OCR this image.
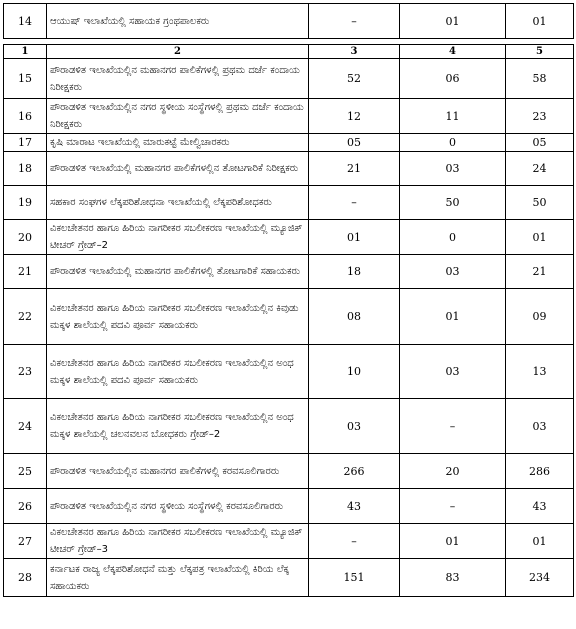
14	ಆಯುಷ್ ಇಲಾಖೆಯಲ್ಲಿ ಸಹಾಯಕ ಗ್ರಂಥಪಾಲಕರು	–	01	01
1	2	3	4	5
15	ಪೌರಾಡಳಿತ ಇಲಾಖೆಯಲ್ಲಿನ ಮಹಾನಗರ ಪಾಲಿಕೆಗಳಲ್ಲಿ ಪ್ರಥಮ ದರ್ಜೆ ಕಂದಾಯ ನಿರೀಕ್ಷಕರು	52	06	58
16	ಪೌರಾಡಳಿತ ಇಲಾಖೆಯಲ್ಲಿನ ನಗರ ಸ್ಥಳೀಯ ಸಂಸ್ಥೆಗಳಲ್ಲಿ ಪ್ರಥಮ ದರ್ಜೆ ಕಂದಾಯ ನಿರೀಕ್ಷಕರು	12	11	23
17	ಕೃಷಿ ಮಾರಾಟ ಇಲಾಖೆಯಲ್ಲಿ ಮಾರುಕಟ್ಟೆ ಮೇಲ್ವಿಚಾರಕರು	05	0	05
18	ಪೌರಾಡಳಿತ ಇಲಾಖೆಯಲ್ಲಿ ಮಹಾನಗರ ಪಾಲಿಕೆಗಳಲ್ಲಿನ ತೋಟಗಾರಿಕೆ ನಿರೀಕ್ಷಕರು	21	03	24
19	ಸಹಕಾರ ಸಂಘಗಳ ಲೆಕ್ಕಪರಿಶೋಧನಾ ಇಲಾಖೆಯಲ್ಲಿ ಲೆಕ್ಕಪರಿಶೋಧಕರು	–	50	50
20	ವಿಕಲಚೇತನರ ಹಾಗೂ ಹಿರಿಯ ನಾಗರೀಕರ ಸಬಲೀಕರಣ ಇಲಾಖೆಯಲ್ಲಿ ಮ್ಯೂಜಿಕ್ ಟೀಚರ್ ಗ್ರೇಡ್–2	01	0	01
21	ಪೌರಾಡಳಿತ ಇಲಾಖೆಯಲ್ಲಿ ಮಹಾನಗರ ಪಾಲಿಕೆಗಳಲ್ಲಿ ತೋಟಗಾರಿಕೆ ಸಹಾಯಕರು	18	03	21
22	ವಿಕಲಚೇತನರ ಹಾಗೂ ಹಿರಿಯ ನಾಗರೀಕರ ಸಬಲೀಕರಣ ಇಲಾಖೆಯಲ್ಲಿನ ಕಿವುಡು ಮಕ್ಕಳ ಶಾಲೆಯಲ್ಲಿ ಪದವಿ ಪೂರ್ವ ಸಹಾಯಕರು	08	01	09
23	ವಿಕಲಚೇತನರ ಹಾಗೂ ಹಿರಿಯ ನಾಗರೀಕರ ಸಬಲೀಕರಣ ಇಲಾಖೆಯಲ್ಲಿನ ಅಂಧ ಮಕ್ಕಳ ಶಾಲೆಯಲ್ಲಿ ಪದವಿ ಪೂರ್ವ ಸಹಾಯಕರು	10	03	13
24	ವಿಕಲಚೇತನರ ಹಾಗೂ ಹಿರಿಯ ನಾಗರೀಕರ ಸಬಲೀಕರಣ ಇಲಾಖೆಯಲ್ಲಿನ ಅಂಧ ಮಕ್ಕಳ ಶಾಲೆಯಲ್ಲಿ ಚಲನವಲನ ಬೋಧಕರು ಗ್ರೇಡ್–2	03	–	03
25	ಪೌರಾಡಳಿತ ಇಲಾಖೆಯಲ್ಲಿನ ಮಹಾನಗರ ಪಾಲಿಕೆಗಳಲ್ಲಿ ಕರವಸೂಲಿಗಾರರು	266	20	286
26	ಪೌರಾಡಳಿತ ಇಲಾಖೆಯಲ್ಲಿನ ನಗರ ಸ್ಥಳೀಯ ಸಂಸ್ಥೆಗಳಲ್ಲಿ ಕರವಸೂಲಿಗಾರರು	43	–	43
27	ವಿಕಲಚೇತನರ ಹಾಗೂ ಹಿರಿಯ ನಾಗರೀಕರ ಸಬಲೀಕರಣ ಇಲಾಖೆಯಲ್ಲಿ ಮ್ಯೂಜಿಕ್ ಟೀಚರ್ ಗ್ರೇಡ್–3	–	01	01
28	ಕರ್ನಾಟಕ ರಾಜ್ಯ ಲೆಕ್ಕಪರಿಶೋಧನೆ ಮತ್ತು ಲೆಕ್ಕಪತ್ರ ಇಲಾಖೆಯಲ್ಲಿ ಕಿರಿಯ ಲೆಕ್ಕ ಸಹಾಯಕರು	151	83	234
